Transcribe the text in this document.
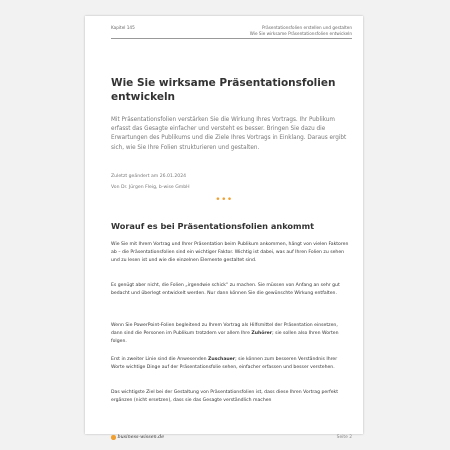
Kapitel 145	Präsentationsfolien erstellen und gestalten
Wie Sie wirksame Präsentationsfolien entwickeln
Wie Sie wirksame Präsentationsfolien entwickeln
Mit Präsentationsfolien verstärken Sie die Wirkung Ihres Vortrags. Ihr Publikum erfasst das Gesagte einfacher und versteht es besser. Bringen Sie dazu die Erwartungen des Publikums und die Ziele Ihres Vortrags in Einklang. Daraus ergibt sich, wie Sie Ihre Folien strukturieren und gestalten.
Zuletzt geändert am 26.01.2024
Von Dr. Jürgen Fleig, b-wise GmbH
•••
Worauf es bei Präsentationsfolien ankommt

Wie Sie mit Ihrem Vortrag und Ihrer Präsentation beim Publikum ankommen, hängt von vielen Faktoren ab – die Präsentationsfolien sind ein wichtiger Faktor. Wichtig ist dabei, was auf Ihren Folien zu sehen und zu lesen ist und wie die einzelnen Elemente gestaltet sind.

Es genügt aber nicht, die Folien „irgendwie schick“ zu machen. Sie müssen von Anfang an sehr gut bedacht und überlegt entwickelt werden. Nur dann können Sie die gewünschte Wirkung entfalten.

Wenn Sie PowerPoint-Folien begleitend zu Ihrem Vortrag als Hilfsmittel der Präsentation einsetzen, dann sind die Personen im Publikum trotzdem vor allem Ihre Zuhörer; sie sollen also Ihren Worten folgen.

Erst in zweiter Linie sind die Anwesenden Zuschauer; sie können zum besseren Verständnis Ihrer Worte wichtige Dinge auf der Präsentationsfolie sehen, einfacher erfassen und besser verstehen.

Das wichtigste Ziel bei der Gestaltung von Präsentationsfolien ist, dass diese Ihren Vortrag perfekt ergänzen (nicht ersetzen), dass sie das Gesagte verständlich machen

business-wissen.de	Seite 2
